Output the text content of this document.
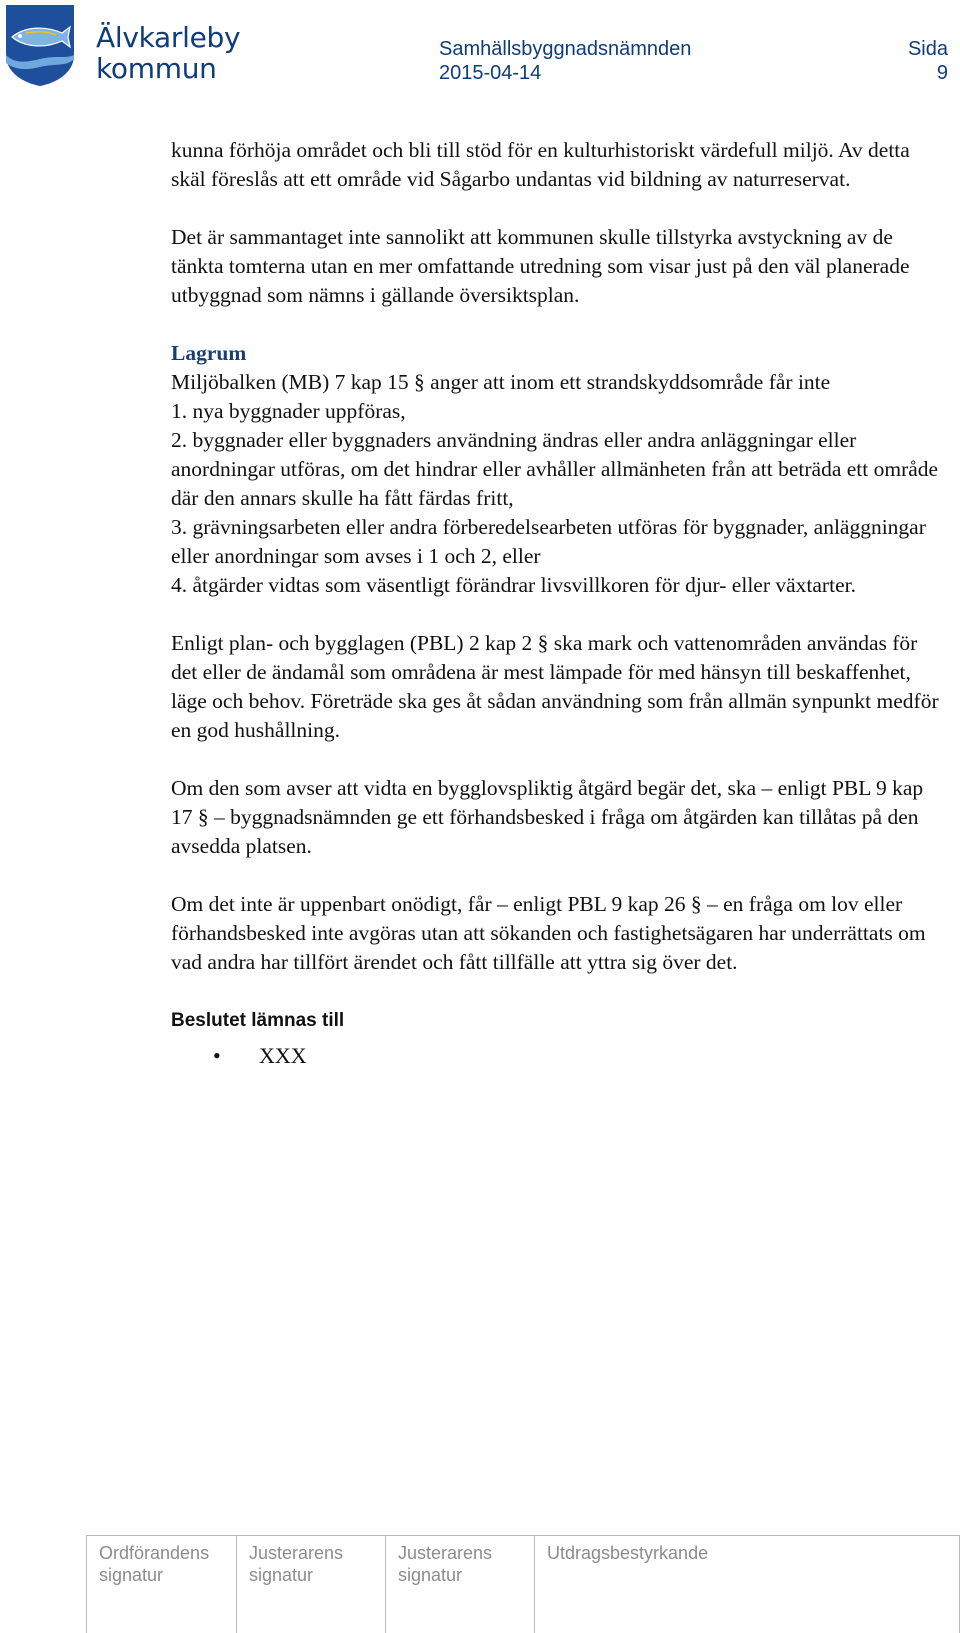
Älvkarleby
kommun
Samhällsbyggnadsnämnden
2015-04-14
Sida
9

kunna förhöja området och bli till stöd för en kulturhistoriskt värdefull miljö. Av detta skäl föreslås att ett område vid Sågarbo undantas vid bildning av naturreservat.

Det är sammantaget inte sannolikt att kommunen skulle tillstyrka avstyckning av de tänkta tomterna utan en mer omfattande utredning som visar just på den väl planerade utbyggnad som nämns i gällande översiktsplan.

Lagrum

Miljöbalken (MB) 7 kap 15 § anger att inom ett strandskyddsområde får inte

1. nya byggnader uppföras,

2. byggnader eller byggnaders användning ändras eller andra anläggningar eller anordningar utföras, om det hindrar eller avhåller allmänheten från att beträda ett område där den annars skulle ha fått färdas fritt,

3. grävningsarbeten eller andra förberedelsearbeten utföras för byggnader, anläggningar eller anordningar som avses i 1 och 2, eller

4. åtgärder vidtas som väsentligt förändrar livsvillkoren för djur- eller växtarter.

Enligt plan- och bygglagen (PBL) 2 kap 2 § ska mark och vattenområden användas för det eller de ändamål som områdena är mest lämpade för med hänsyn till beskaffenhet, läge och behov. Företräde ska ges åt sådan användning som från allmän synpunkt medför en god hushållning.

Om den som avser att vidta en bygglovspliktig åtgärd begär det, ska – enligt PBL 9 kap 17 § – byggnadsnämnden ge ett förhandsbesked i fråga om åtgärden kan tillåtas på den avsedda platsen.

Om det inte är uppenbart onödigt, får – enligt PBL 9 kap 26 § – en fråga om lov eller förhandsbesked inte avgöras utan att sökanden och fastighetsägaren har underrättats om vad andra har tillfört ärendet och fått tillfälle att yttra sig över det.

Beslutet lämnas till

•	XXX
Ordförandens signatur
Justerarens signatur
Justerarens signatur
Utdragsbestyrkande
